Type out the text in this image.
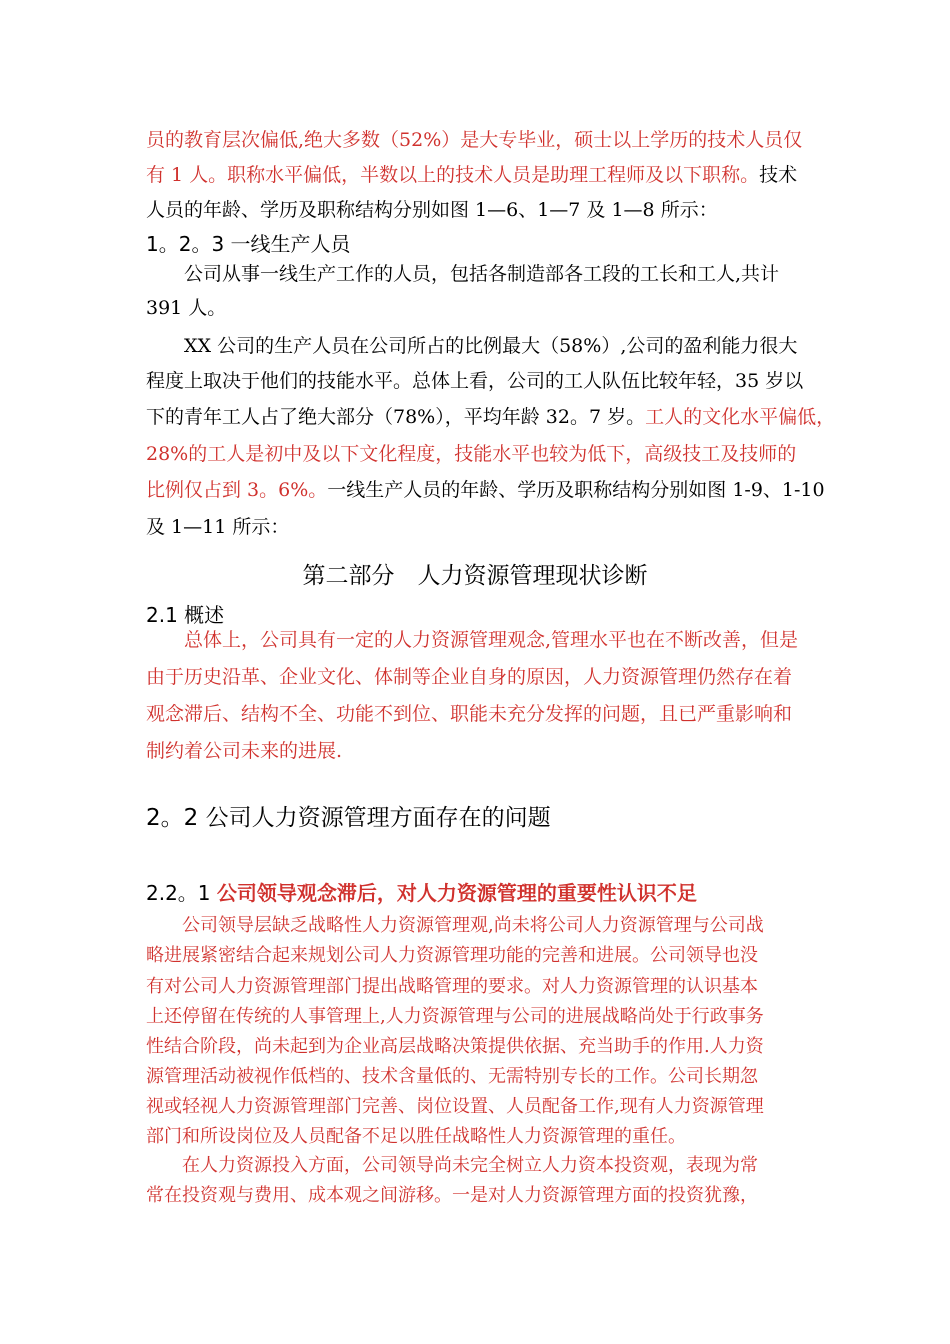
员的教育层次偏低,绝大多数（52%）是大专毕业，硕士以上学历的技术人员仅
有 1 人。职称水平偏低，半数以上的技术人员是助理工程师及以下职称。技术
人员的年龄、学历及职称结构分别如图 1—6、1—7 及 1—8 所示：
1。2。3 一线生产人员
　　公司从事一线生产工作的人员，包括各制造部各工段的工长和工人,共计
391 人。
　　XX 公司的生产人员在公司所占的比例最大（58%）,公司的盈利能力很大
程度上取决于他们的技能水平。总体上看，公司的工人队伍比较年轻，35 岁以
下的青年工人占了绝大部分（78%），平均年龄 32。7 岁。工人的文化水平偏低，
28%的工人是初中及以下文化程度，技能水平也较为低下，高级技工及技师的
比例仅占到 3。6%。一线生产人员的年龄、学历及职称结构分别如图 1-9、1-10
及 1—11 所示：
第二部分　人力资源管理现状诊断
2.1 概述
　　总体上，公司具有一定的人力资源管理观念,管理水平也在不断改善，但是
由于历史沿革、企业文化、体制等企业自身的原因，人力资源管理仍然存在着
观念滞后、结构不全、功能不到位、职能未充分发挥的问题，且已严重影响和
制约着公司未来的进展.
2。2 公司人力资源管理方面存在的问题
2.2。1 公司领导观念滞后，对人力资源管理的重要性认识不足
　　公司领导层缺乏战略性人力资源管理观,尚未将公司人力资源管理与公司战
略进展紧密结合起来规划公司人力资源管理功能的完善和进展。公司领导也没
有对公司人力资源管理部门提出战略管理的要求。对人力资源管理的认识基本
上还停留在传统的人事管理上,人力资源管理与公司的进展战略尚处于行政事务
性结合阶段，尚未起到为企业高层战略决策提供依据、充当助手的作用.人力资
源管理活动被视作低档的、技术含量低的、无需特别专长的工作。公司长期忽
视或轻视人力资源管理部门完善、岗位设置、人员配备工作,现有人力资源管理
部门和所设岗位及人员配备不足以胜任战略性人力资源管理的重任。
　　在人力资源投入方面，公司领导尚未完全树立人力资本投资观，表现为常
常在投资观与费用、成本观之间游移。一是对人力资源管理方面的投资犹豫，
